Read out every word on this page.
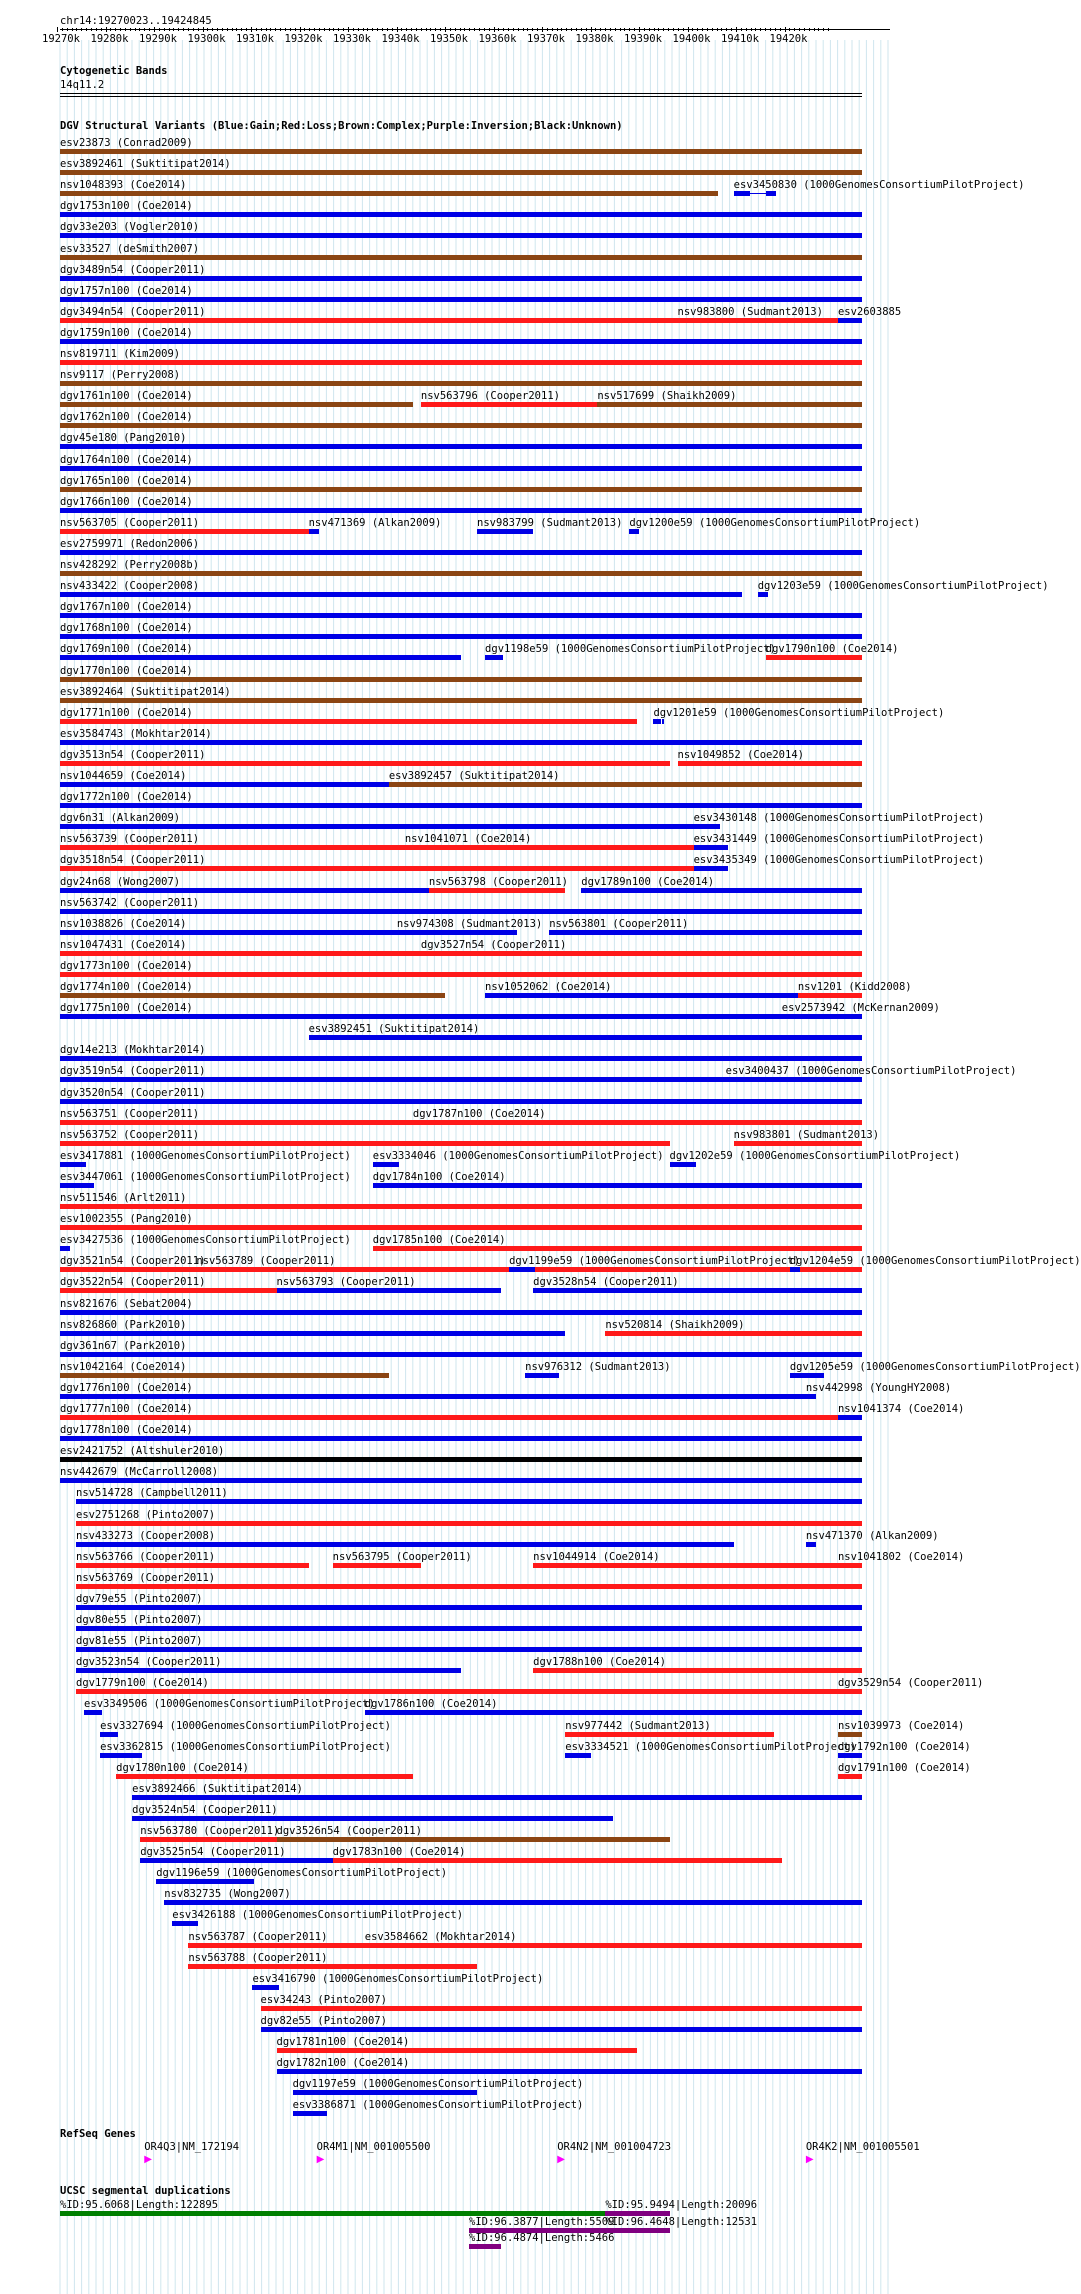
chr14:19270023..19424845
Cytogenetic Bands
14q11.2
DGV Structural Variants (Blue:Gain;Red:Loss;Brown:Complex;Purple:Inversion;Black:Unknown)
RefSeq Genes
UCSC segmental duplications
19270k 19280k 19290k 19300k 19310k 19320k 19330k 19340k 19350k 19360k 19370k 19380k 19390k 19400k 19410k 19420k
esv23873 (Conrad2009)
esv3892461 (Suktitipat2014)
nsv1048393 (Coe2014)	esv3450830 (1000GenomesConsortiumPilotProject)
dgv1753n100 (Coe2014)
dgv33e203 (Vogler2010)
esv33527 (deSmith2007)
dgv3489n54 (Cooper2011)
dgv1757n100 (Coe2014)
dgv3494n54 (Cooper2011)	nsv983800 (Sudmant2013) esv2603885
dgv1759n100 (Coe2014)
nsv819711 (Kim2009)
nsv9117 (Perry2008)
dgv1761n100 (Coe2014)	nsv563796 (Cooper2011)	nsv517699 (Shaikh2009)
dgv1762n100 (Coe2014)
dgv45e180 (Pang2010)
dgv1764n100 (Coe2014)
dgv1765n100 (Coe2014)
dgv1766n100 (Coe2014)
nsv563705 (Cooper2011)	nsv471369 (Alkan2009)	nsv983799 (Sudmant2013) dgv1200e59 (1000GenomesConsortiumPilotProject)
esv2759971 (Redon2006)
nsv428292 (Perry2008b)
nsv433422 (Cooper2008)	dgv1203e59 (1000GenomesConsortiumPilotProject)
dgv1767n100 (Coe2014)
dgv1768n100 (Coe2014)
dgv1769n100 (Coe2014)	dgv1198e59 (1000GenomesConsortiumPilotProject)
dgv1790n100 (Coe2014)
dgv1770n100 (Coe2014)
esv3892464 (Suktitipat2014)
dgv1771n100 (Coe2014)	dgv1201e59 (1000GenomesConsortiumPilotProject)
esv3584743 (Mokhtar2014)
dgv3513n54 (Cooper2011)	nsv1049852 (Coe2014)
nsv1044659 (Coe2014)	esv3892457 (Suktitipat2014)
dgv1772n100 (Coe2014)
dgv6n31 (Alkan2009)	esv3430148 (1000GenomesConsortiumPilotProject)
nsv563739 (Cooper2011)	nsv1041071 (Coe2014)	esv3431449 (1000GenomesConsortiumPilotProject)
dgv3518n54 (Cooper2011)	esv3435349 (1000GenomesConsortiumPilotProject)
dgv24n68 (Wong2007)	nsv563798 (Cooper2011) dgv1789n100 (Coe2014)
nsv563742 (Cooper2011)
nsv1038826 (Coe2014)	nsv974308 (Sudmant2013) nsv563801 (Cooper2011)
nsv1047431 (Coe2014)	dgv3527n54 (Cooper2011)
dgv1773n100 (Coe2014)
dgv1774n100 (Coe2014)	nsv1052062 (Coe2014)	nsv1201 (Kidd2008)
dgv1775n100 (Coe2014)	esv2573942 (McKernan2009)
esv3892451 (Suktitipat2014)
dgv14e213 (Mokhtar2014)
dgv3519n54 (Cooper2011)	esv3400437 (1000GenomesConsortiumPilotProject)
dgv3520n54 (Cooper2011)
nsv563751 (Cooper2011)	dgv1787n100 (Coe2014)
nsv563752 (Cooper2011)	nsv983801 (Sudmant2013)
esv3417881 (1000GenomesConsortiumPilotProject) esv3334046 (1000GenomesConsortiumPilotProject) dgv1202e59 (1000GenomesConsortiumPilotProject)
esv3447061 (1000GenomesConsortiumPilotProject) dgv1784n100 (Coe2014)
nsv511546 (Arlt2011)
esv1002355 (Pang2010)
esv3427536 (1000GenomesConsortiumPilotProject) dgv1785n100 (Coe2014)
dgv3521n54 (Cooper2011)
nsv563789 (Cooper2011)	dgv1199e59 (1000GenomesConsortiumPilotProject)
dgv1204e59 (1000GenomesConsortiumPilotProject)
dgv3522n54 (Cooper2011)	nsv563793 (Cooper2011)	dgv3528n54 (Cooper2011)
nsv821676 (Sebat2004)
nsv826860 (Park2010)	nsv520814 (Shaikh2009)
dgv361n67 (Park2010)
nsv1042164 (Coe2014)	nsv976312 (Sudmant2013)	dgv1205e59 (1000GenomesConsortiumPilotProject)
dgv1776n100 (Coe2014)	nsv442998 (YoungHY2008)
dgv1777n100 (Coe2014)	nsv1041374 (Coe2014)
dgv1778n100 (Coe2014)
esv2421752 (Altshuler2010)
nsv442679 (McCarroll2008)
nsv514728 (Campbell2011)
esv2751268 (Pinto2007)
nsv433273 (Cooper2008)	nsv471370 (Alkan2009)
nsv563766 (Cooper2011)	nsv563795 (Cooper2011)	nsv1044914 (Coe2014)	nsv1041802 (Coe2014)
nsv563769 (Cooper2011)
dgv79e55 (Pinto2007)
dgv80e55 (Pinto2007)
dgv81e55 (Pinto2007)
dgv3523n54 (Cooper2011)	dgv1788n100 (Coe2014)
dgv1779n100 (Coe2014)	dgv3529n54 (Cooper2011)
esv3349506 (1000GenomesConsortiumPilotProject)
dgv1786n100 (Coe2014)
esv3327694 (1000GenomesConsortiumPilotProject)	nsv977442 (Sudmant2013)	nsv1039973 (Coe2014)
esv3362815 (1000GenomesConsortiumPilotProject)	esv3334521 (1000GenomesConsortiumPilotProject)
dgv1792n100 (Coe2014)
dgv1780n100 (Coe2014)	dgv1791n100 (Coe2014)
esv3892466 (Suktitipat2014)
dgv3524n54 (Cooper2011)
nsv563780 (Cooper2011)
dgv3526n54 (Cooper2011)
dgv3525n54 (Cooper2011)	dgv1783n100 (Coe2014)
dgv1196e59 (1000GenomesConsortiumPilotProject)
nsv832735 (Wong2007)
esv3426188 (1000GenomesConsortiumPilotProject)
nsv563787 (Cooper2011)	esv3584662 (Mokhtar2014)
nsv563788 (Cooper2011)
esv3416790 (1000GenomesConsortiumPilotProject)
esv34243 (Pinto2007)
dgv82e55 (Pinto2007)
dgv1781n100 (Coe2014)
dgv1782n100 (Coe2014)
dgv1197e59 (1000GenomesConsortiumPilotProject)
esv3386871 (1000GenomesConsortiumPilotProject)
OR4Q3|NM_172194
▶
OR4M1|NM_001005500
▶
OR4N2|NM_001004723
▶
OR4K2|NM_001005501
▶
%ID:95.6068|Length:122895	%ID:95.9494|Length:20096
%ID:96.3877|Length:5509
%ID:96.4648|Length:12531
%ID:96.4874|Length:5466
